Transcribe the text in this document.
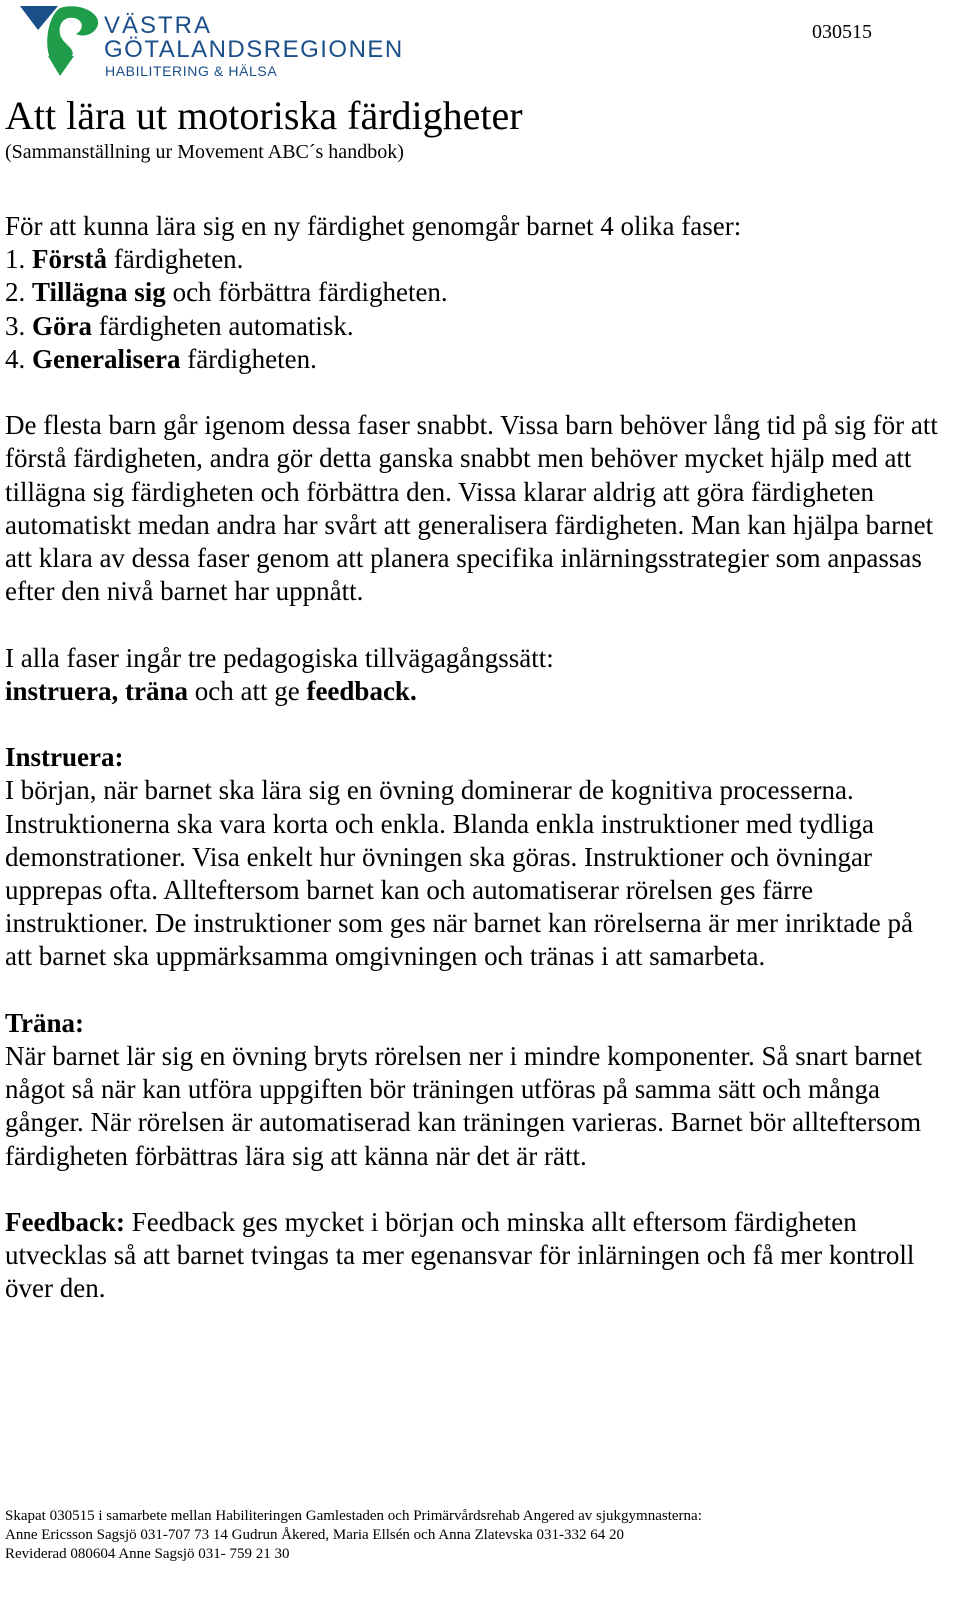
VÄSTRA
GÖTALANDSREGIONEN
HABILITERING & HÄLSA
030515
Att lära ut motoriska färdigheter
(Sammanställning ur Movement ABC´s handbok)

För att kunna lära sig en ny färdighet genomgår barnet 4 olika faser:

1. Förstå färdigheten.

2. Tillägna sig och förbättra färdigheten.

3. Göra färdigheten automatisk.

4. Generalisera färdigheten.

De flesta barn går igenom dessa faser snabbt. Vissa barn behöver lång tid på sig för att förstå färdigheten, andra gör detta ganska snabbt men behöver mycket hjälp med att tillägna sig färdigheten och förbättra den. Vissa klarar aldrig att göra färdigheten automatiskt medan andra har svårt att generalisera färdigheten. Man kan hjälpa barnet att klara av dessa faser genom att planera specifika inlärningsstrategier som anpassas efter den nivå barnet har uppnått.

I alla faser ingår tre pedagogiska tillvägagångssätt:

instruera, träna och att ge feedback.

Instruera:

I början, när barnet ska lära sig en övning dominerar de kognitiva processerna. Instruktionerna ska vara korta och enkla. Blanda enkla instruktioner med tydliga demonstrationer. Visa enkelt hur övningen ska göras. Instruktioner och övningar upprepas ofta. Allteftersom barnet kan och automatiserar rörelsen ges färre instruktioner. De instruktioner som ges när barnet kan rörelserna är mer inriktade på att barnet ska uppmärksamma omgivningen och tränas i att samarbeta.

Träna:

När barnet lär sig en övning bryts rörelsen ner i mindre komponenter. Så snart barnet något så när kan utföra uppgiften bör träningen utföras på samma sätt och många gånger. När rörelsen är automatiserad kan träningen varieras. Barnet bör allteftersom färdigheten förbättras lära sig att känna när det är rätt.

Feedback: Feedback ges mycket i början och minska allt eftersom färdigheten utvecklas så att barnet tvingas ta mer egenansvar för inlärningen och få mer kontroll över den.

Skapat 030515 i samarbete mellan Habiliteringen Gamlestaden och Primärvårdsrehab Angered av sjukgymnasterna:
Anne Ericsson Sagsjö 031-707 73 14 Gudrun Åkered, Maria Ellsén och Anna Zlatevska 031-332 64 20
Reviderad 080604 Anne Sagsjö 031- 759 21 30
